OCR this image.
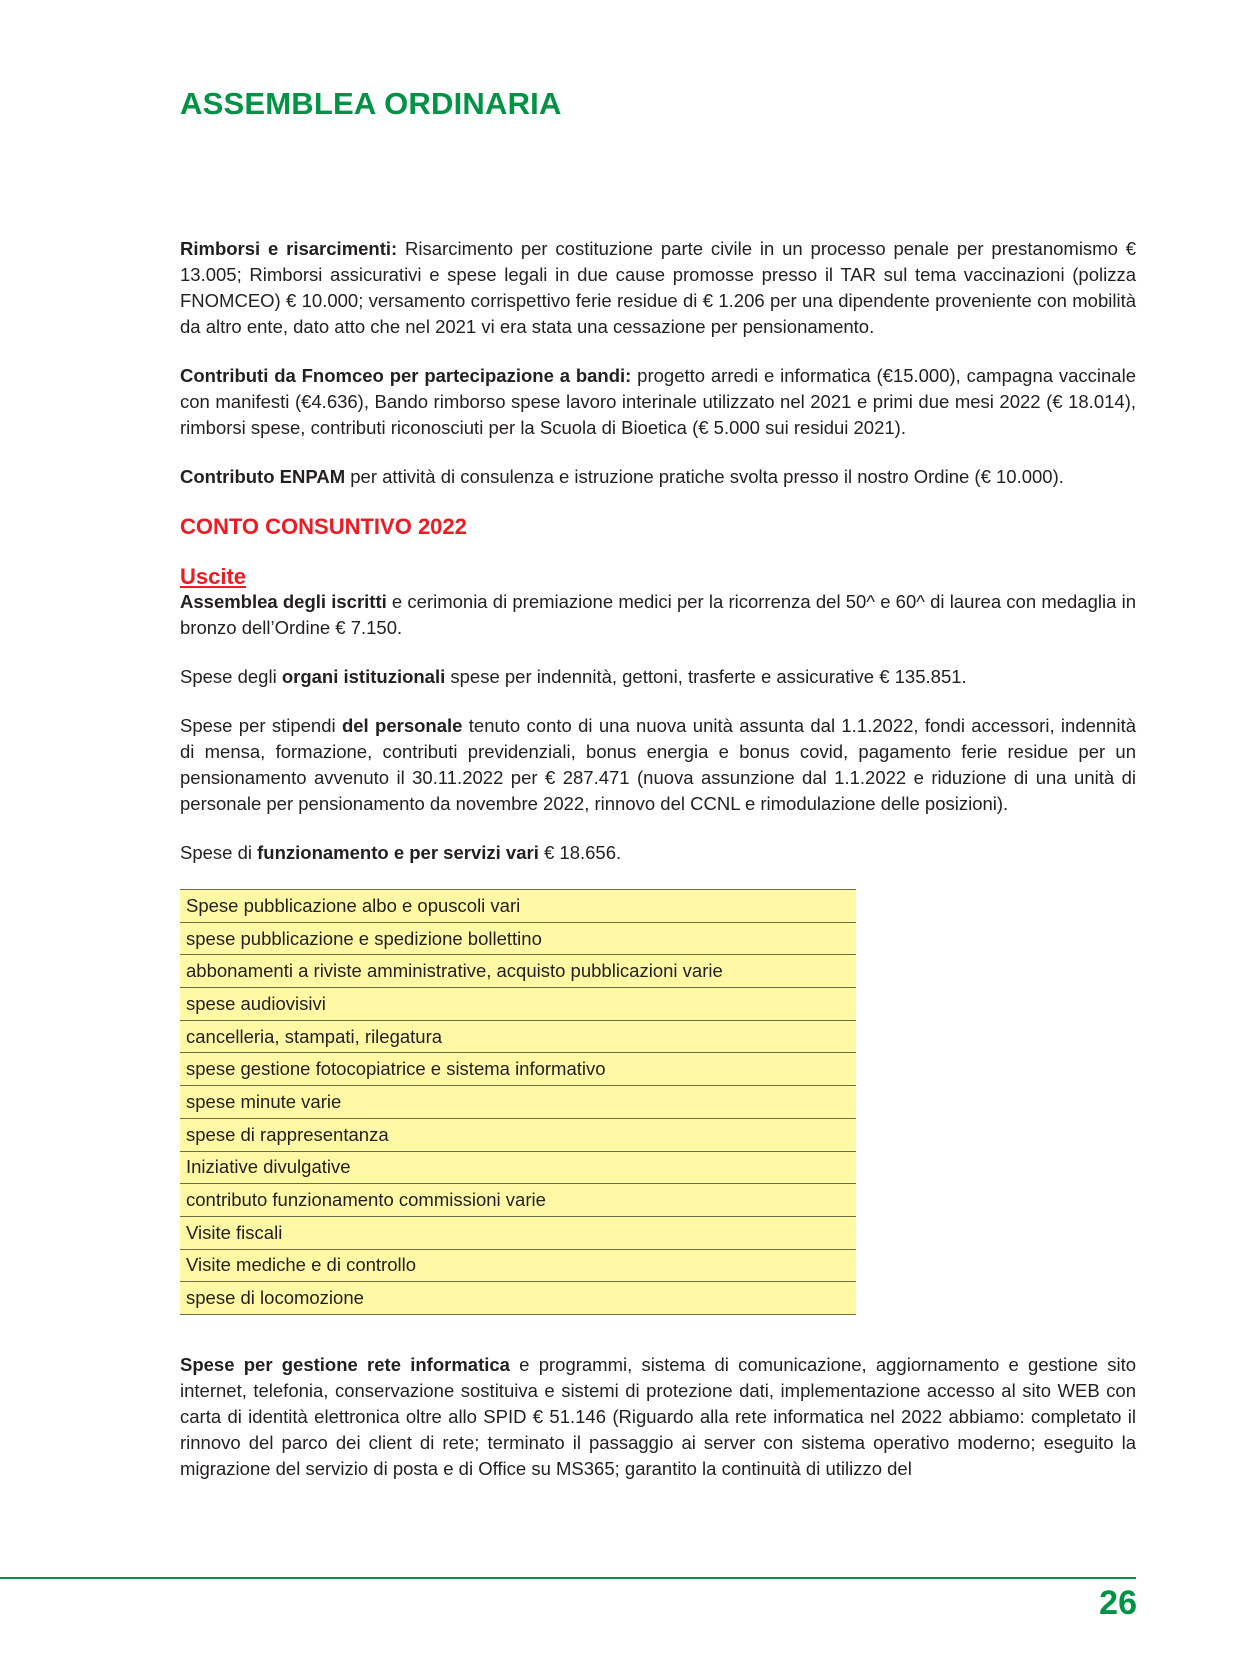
ASSEMBLEA ORDINARIA

Rimborsi e risarcimenti: Risarcimento per costituzione parte civile in un processo penale per prestanomismo € 13.005; Rimborsi assicurativi e spese legali in due cause promosse presso il TAR sul tema vaccinazioni (polizza FNOMCEO) € 10.000; versamento corrispettivo ferie residue di € 1.206 per una dipendente proveniente con mobilità da altro ente, dato atto che nel 2021 vi era stata una cessazione per pensionamento.

Contributi da Fnomceo per partecipazione a bandi: progetto arredi e informatica (€15.000), campagna vaccinale con manifesti (€4.636), Bando rimborso spese lavoro interinale utilizzato nel 2021 e primi due mesi 2022 (€ 18.014), rimborsi spese, contributi riconosciuti per la Scuola di Bioetica (€ 5.000 sui residui 2021).

Contributo ENPAM per attività di consulenza e istruzione pratiche svolta presso il nostro Ordine (€ 10.000).

CONTO CONSUNTIVO 2022
Uscite

Assemblea degli iscritti e cerimonia di premiazione medici per la ricorrenza del 50^ e 60^ di laurea con medaglia in bronzo dell’Ordine € 7.150.

Spese degli organi istituzionali spese per indennità, gettoni, trasferte e assicurative € 135.851.

Spese per stipendi del personale tenuto conto di una nuova unità assunta dal 1.1.2022, fondi accessori, indennità di mensa, formazione, contributi previdenziali, bonus energia e bonus covid, pagamento ferie residue per un pensionamento avvenuto il 30.11.2022 per € 287.471 (nuova assunzione dal 1.1.2022 e riduzione di una unità di personale per pensionamento da novembre 2022, rinnovo del CCNL e rimodulazione delle posizioni).

Spese di funzionamento e per servizi vari € 18.656.

Spese pubblicazione albo e opuscoli vari
spese pubblicazione e spedizione bollettino
abbonamenti a riviste amministrative, acquisto pubblicazioni varie
spese audiovisivi
cancelleria, stampati, rilegatura
spese gestione fotocopiatrice e sistema informativo
spese minute varie
spese di rappresentanza
Iniziative divulgative
contributo funzionamento commissioni varie
Visite fiscali
Visite mediche e di controllo
spese di locomozione

Spese per gestione rete informatica e programmi, sistema di comunicazione, aggiornamento e gestione sito internet, telefonia, conservazione sostituiva e sistemi di protezione dati, implementazione accesso al sito WEB con carta di identità elettronica oltre allo SPID € 51.146 (Riguardo alla rete informatica nel 2022 abbiamo: completato il rinnovo del parco dei client di rete; terminato il passaggio ai server con sistema operativo moderno; eseguito la migrazione del servizio di posta e di Office su MS365; garantito la continuità di utilizzo del

26
